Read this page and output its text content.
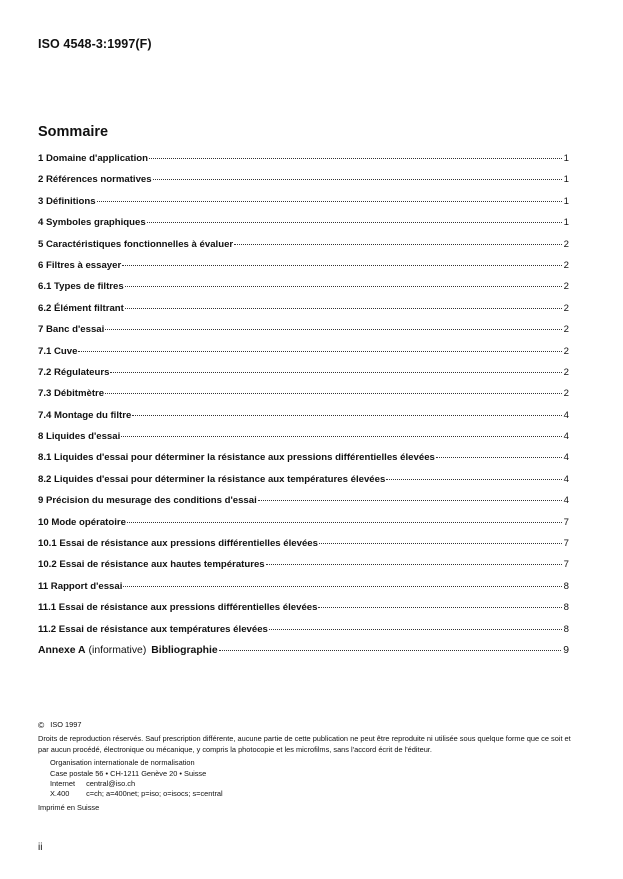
ISO 4548-3:1997(F)
Sommaire
1 Domaine d'application	1
2 Références normatives	1
3 Définitions	1
4 Symboles graphiques	1
5 Caractéristiques fonctionnelles à évaluer	2
6 Filtres à essayer	2
6.1 Types de filtres	2
6.2 Élément filtrant	2
7 Banc d'essai	2
7.1 Cuve	2
7.2 Régulateurs	2
7.3 Débitmètre	2
7.4 Montage du filtre	4
8 Liquides d'essai	4
8.1 Liquides d'essai pour déterminer la résistance aux pressions différentielles élevées	4
8.2 Liquides d'essai pour déterminer la résistance aux températures élevées	4
9 Précision du mesurage des conditions d'essai	4
10 Mode opératoire	7
10.1 Essai de résistance aux pressions différentielles élevées	7
10.2 Essai de résistance aux hautes températures	7
11 Rapport d'essai	8
11.1 Essai de résistance aux pressions différentielles élevées	8
11.2 Essai de résistance aux températures élevées	8
Annexe A (informative) Bibliographie	9
© ISO 1997
Droits de reproduction réservés. Sauf prescription différente, aucune partie de cette publication ne peut être reproduite ni utilisée sous quelque forme que ce soit et par aucun procédé, électronique ou mécanique, y compris la photocopie et les microfilms, sans l'accord écrit de l'éditeur.
Organisation internationale de normalisation
Case postale 56 • CH-1211 Genève 20 • Suisse
Internet central@iso.ch
X.400 c=ch; a=400net; p=iso; o=isocs; s=central
Imprimé en Suisse
ii
